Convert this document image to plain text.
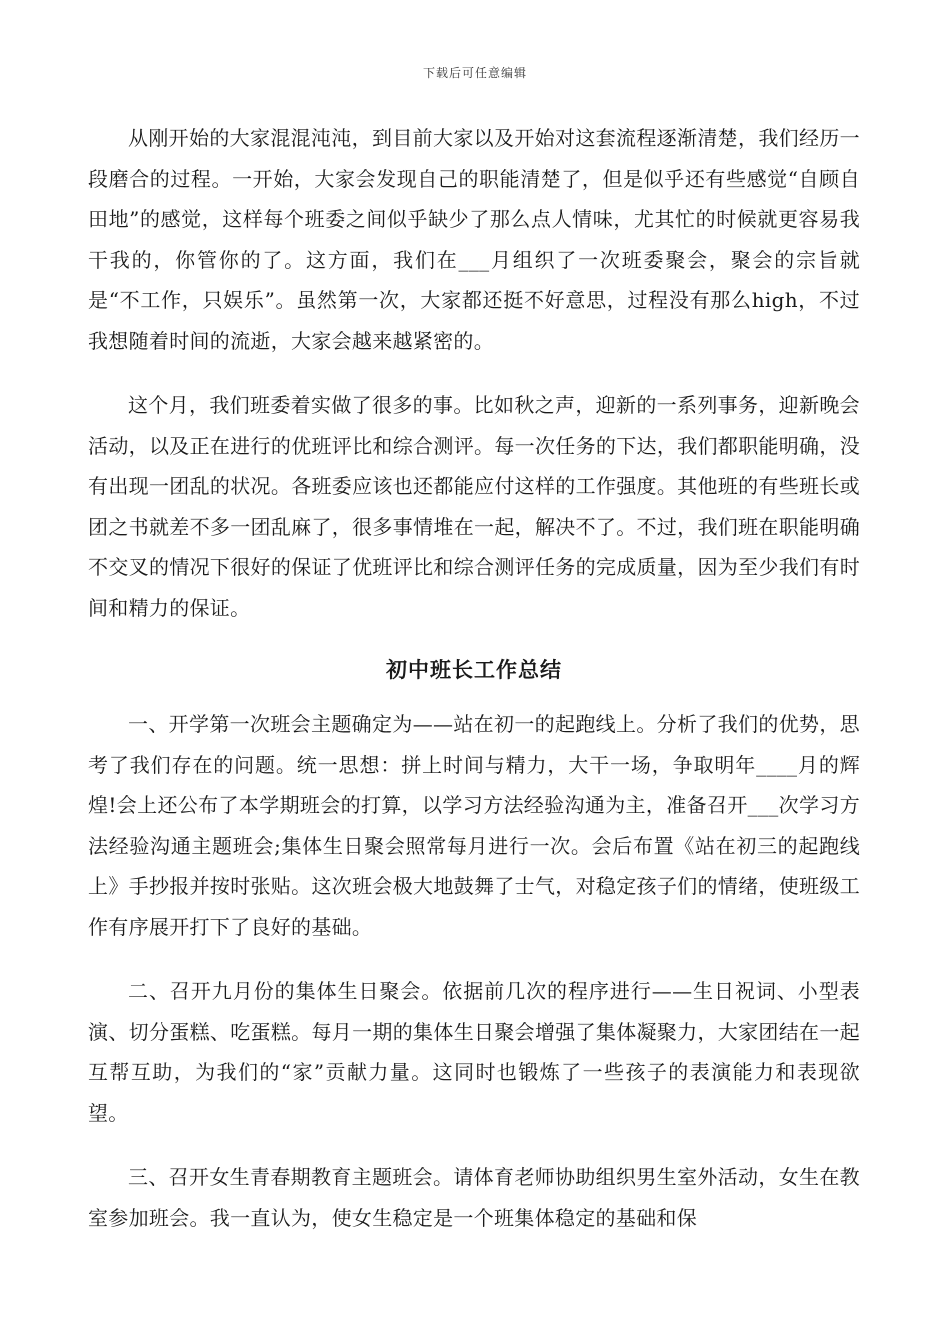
下载后可任意编辑

从刚开始的大家混混沌沌，到目前大家以及开始对这套流程逐渐清楚，我们经历一段磨合的过程。一开始，大家会发现自己的职能清楚了，但是似乎还有些感觉“自顾自田地”的感觉，这样每个班委之间似乎缺少了那么点人情味，尤其忙的时候就更容易我干我的，你管你的了。这方面，我们在___月组织了一次班委聚会，聚会的宗旨就是“不工作，只娱乐”。虽然第一次，大家都还挺不好意思，过程没有那么high，不过我想随着时间的流逝，大家会越来越紧密的。

这个月，我们班委着实做了很多的事。比如秋之声，迎新的一系列事务，迎新晚会活动，以及正在进行的优班评比和综合测评。每一次任务的下达，我们都职能明确，没有出现一团乱的状况。各班委应该也还都能应付这样的工作强度。其他班的有些班长或团之书就差不多一团乱麻了，很多事情堆在一起，解决不了。不过，我们班在职能明确不交叉的情况下很好的保证了优班评比和综合测评任务的完成质量，因为至少我们有时间和精力的保证。

初中班长工作总结

一、开学第一次班会主题确定为——站在初一的起跑线上。分析了我们的优势，思考了我们存在的问题。统一思想：拼上时间与精力，大干一场，争取明年____月的辉煌!会上还公布了本学期班会的打算，以学习方法经验沟通为主，准备召开___次学习方法经验沟通主题班会;集体生日聚会照常每月进行一次。会后布置《站在初三的起跑线上》手抄报并按时张贴。这次班会极大地鼓舞了士气，对稳定孩子们的情绪，使班级工作有序展开打下了良好的基础。

二、召开九月份的集体生日聚会。依据前几次的程序进行——生日祝词、小型表演、切分蛋糕、吃蛋糕。每月一期的集体生日聚会增强了集体凝聚力，大家团结在一起互帮互助，为我们的“家”贡献力量。这同时也锻炼了一些孩子的表演能力和表现欲望。

三、召开女生青春期教育主题班会。请体育老师协助组织男生室外活动，女生在教室参加班会。我一直认为，使女生稳定是一个班集体稳定的基础和保
